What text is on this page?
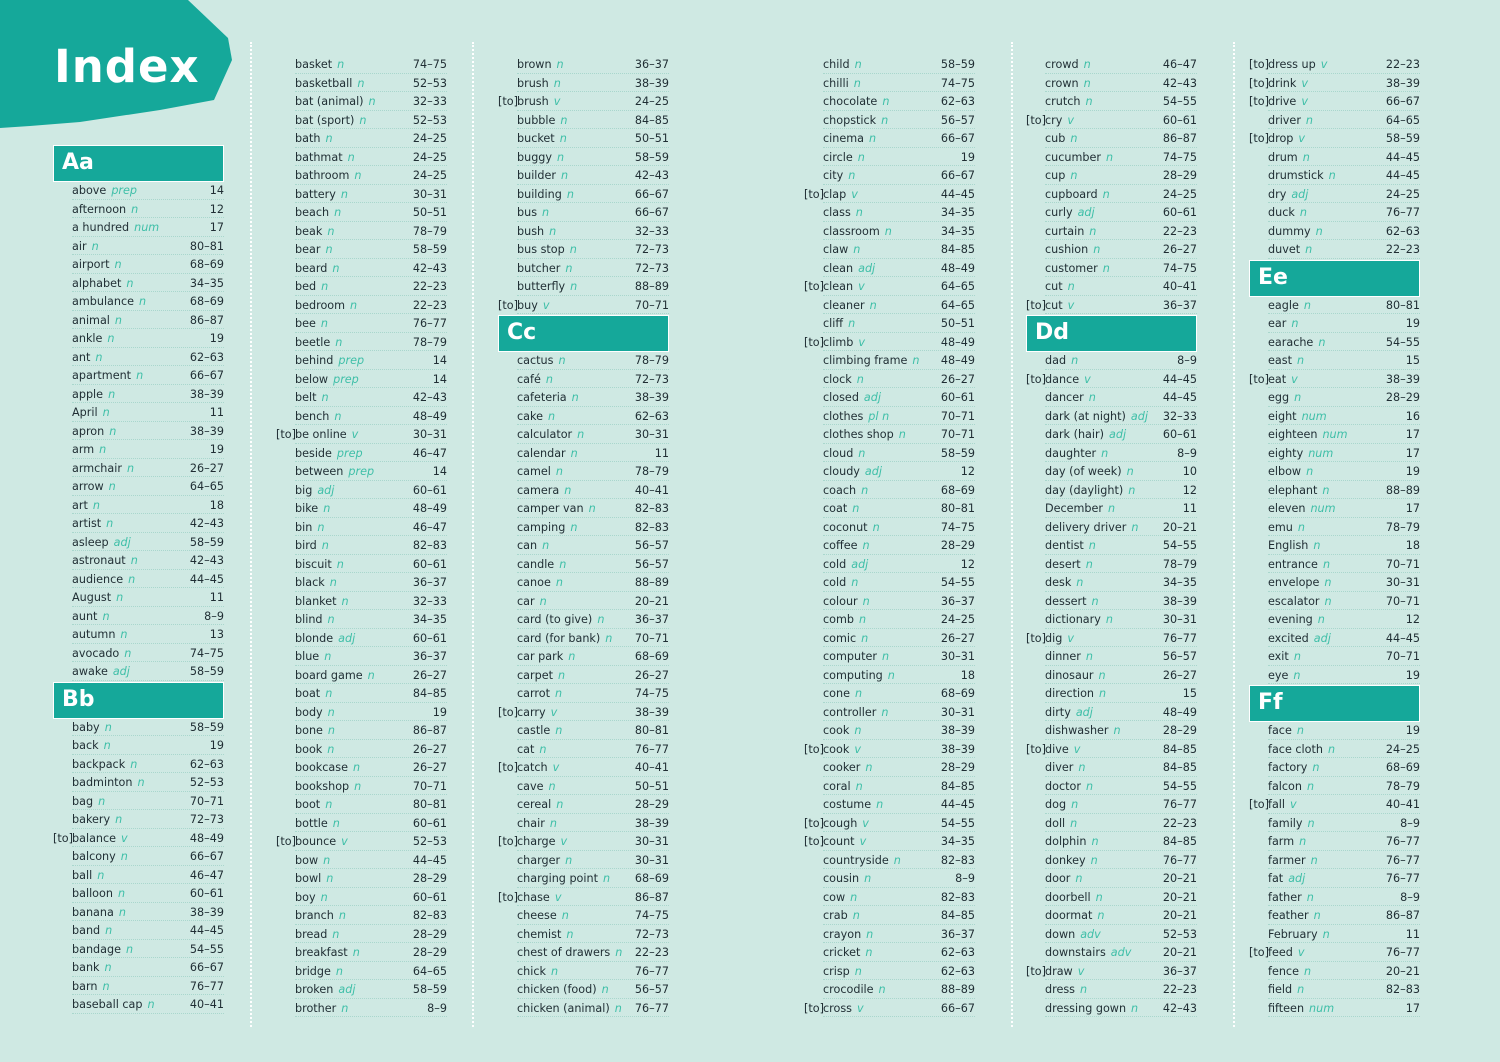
Index
Aa
above prep	14
afternoon n	12
a hundred num	17
air n	80–81
airport n	68–69
alphabet n	34–35
ambulance n	68–69
animal n	86–87
ankle n	19
ant n	62–63
apartment n	66–67
apple n	38–39
April n	11
apron n	38–39
arm n	19
armchair n	26–27
arrow n	64–65
art n	18
artist n	42–43
asleep adj	58–59
astronaut n	42–43
audience n	44–45
August n	11
aunt n	8–9
autumn n	13
avocado n	74–75
awake adj	58–59
Bb
baby n	58–59
back n	19
backpack n	62–63
badminton n	52–53
bag n	70–71
bakery n	72–73
[to] balance v	48–49
balcony n	66–67
ball n	46–47
balloon n	60–61
banana n	38–39
band n	44–45
bandage n	54–55
bank n	66–67
barn n	76–77
baseball cap n	40–41
basket n	74–75
basketball n	52–53
bat (animal) n	32–33
bat (sport) n	52–53
bath n	24–25
bathmat n	24–25
bathroom n	24–25
battery n	30–31
beach n	50–51
beak n	78–79
bear n	58–59
beard n	42–43
bed n	22–23
bedroom n	22–23
bee n	76–77
beetle n	78–79
behind prep	14
below prep	14
belt n	42–43
bench n	48–49
[to] be online v	30–31
beside prep	46–47
between prep	14
big adj	60–61
bike n	48–49
bin n	46–47
bird n	82–83
biscuit n	60–61
black n	36–37
blanket n	32–33
blind n	34–35
blonde adj	60–61
blue n	36–37
board game n	26–27
boat n	84–85
body n	19
bone n	86–87
book n	26–27
bookcase n	26–27
bookshop n	70–71
boot n	80–81
bottle n	60–61
[to] bounce v	52–53
bow n	44–45
bowl n	28–29
boy n	60–61
branch n	82–83
bread n	28–29
breakfast n	28–29
bridge n	64–65
broken adj	58–59
brother n	8–9
brown n	36–37
brush n	38–39
[to] brush v	24–25
bubble n	84–85
bucket n	50–51
buggy n	58–59
builder n	42–43
building n	66–67
bus n	66–67
bush n	32–33
bus stop n	72–73
butcher n	72–73
butterfly n	88–89
[to] buy v	70–71
Cc
cactus n	78–79
café n	72–73
cafeteria n	38–39
cake n	62–63
calculator n	30–31
calendar n	11
camel n	78–79
camera n	40–41
camper van n	82–83
camping n	82–83
can n	56–57
candle n	56–57
canoe n	88–89
car n	20–21
card (to give) n	36–37
card (for bank) n 70–71
car park n	68–69
carpet n	26–27
carrot n	74–75
[to] carry v	38–39
castle n	80–81
cat n	76–77
[to] catch v	40–41
cave n	50–51
cereal n	28–29
chair n	38–39
[to] charge v	30–31
charger n	30–31
charging point n 68–69
[to] chase v	86–87
cheese n	74–75
chemist n	72–73
chest of drawers n 22–23
chick n	76–77
chicken (food) n 56–57
chicken (animal) n 76–77
child n	58–59
chilli n	74–75
chocolate n	62–63
chopstick n	56–57
cinema n	66–67
circle n	19
city n	66–67
[to] clap v	44–45
class n	34–35
classroom n	34–35
claw n	84–85
clean adj	48–49
[to] clean v	64–65
cleaner n	64–65
cliff n	50–51
[to] climb v	48–49
climbing frame n 48–49
clock n	26–27
closed adj	60–61
clothes pl n	70–71
clothes shop n	70–71
cloud n	58–59
cloudy adj	12
coach n	68–69
coat n	80–81
coconut n	74–75
coffee n	28–29
cold adj	12
cold n	54–55
colour n	36–37
comb n	24–25
comic n	26–27
computer n	30–31
computing n	18
cone n	68–69
controller n	30–31
cook n	38–39
[to] cook v	38–39
cooker n	28–29
coral n	84–85
costume n	44–45
[to] cough v	54–55
[to] count v	34–35
countryside n	82–83
cousin n	8–9
cow n	82–83
crab n	84–85
crayon n	36–37
cricket n	62–63
crisp n	62–63
crocodile n	88–89
[to] cross v	66–67
crowd n	46–47
crown n	42–43
crutch n	54–55
[to] cry v	60–61
cub n	86–87
cucumber n	74–75
cup n	28–29
cupboard n	24–25
curly adj	60–61
curtain n	22–23
cushion n	26–27
customer n	74–75
cut n	40–41
[to] cut v	36–37
Dd
dad n	8–9
[to] dance v	44–45
dancer n	44–45
dark (at night) adj 32–33
dark (hair) adj	60–61
daughter n	8–9
day (of week) n	10
day (daylight) n	12
December n	11
delivery driver n 20–21
dentist n	54–55
desert n	78–79
desk n	34–35
dessert n	38–39
dictionary n	30–31
[to] dig v	76–77
dinner n	56–57
dinosaur n	26–27
direction n	15
dirty adj	48–49
dishwasher n	28–29
[to] dive v	84–85
diver n	84–85
doctor n	54–55
dog n	76–77
doll n	22–23
dolphin n	84–85
donkey n	76–77
door n	20–21
doorbell n	20–21
doormat n	20–21
down adv	52–53
downstairs adv	20–21
[to] draw v	36–37
dress n	22–23
dressing gown n 42–43
[to] dress up v	22–23
[to] drink v	38–39
[to] drive v	66–67
driver n	64–65
[to] drop v	58–59
drum n	44–45
drumstick n	44–45
dry adj	24–25
duck n	76–77
dummy n	62–63
duvet n	22–23
Ee
eagle n	80–81
ear n	19
earache n	54–55
east n	15
[to] eat v	38–39
egg n	28–29
eight num	16
eighteen num	17
eighty num	17
elbow n	19
elephant n	88–89
eleven num	17
emu n	78–79
English n	18
entrance n	70–71
envelope n	30–31
escalator n	70–71
evening n	12
excited adj	44–45
exit n	70–71
eye n	19
Ff
face n	19
face cloth n	24–25
factory n	68–69
falcon n	78–79
[to] fall v	40–41
family n	8–9
farm n	76–77
farmer n	76–77
fat adj	76–77
father n	8–9
feather n	86–87
February n	11
[to] feed v	76–77
fence n	20–21
field n	82–83
fifteen num	17
